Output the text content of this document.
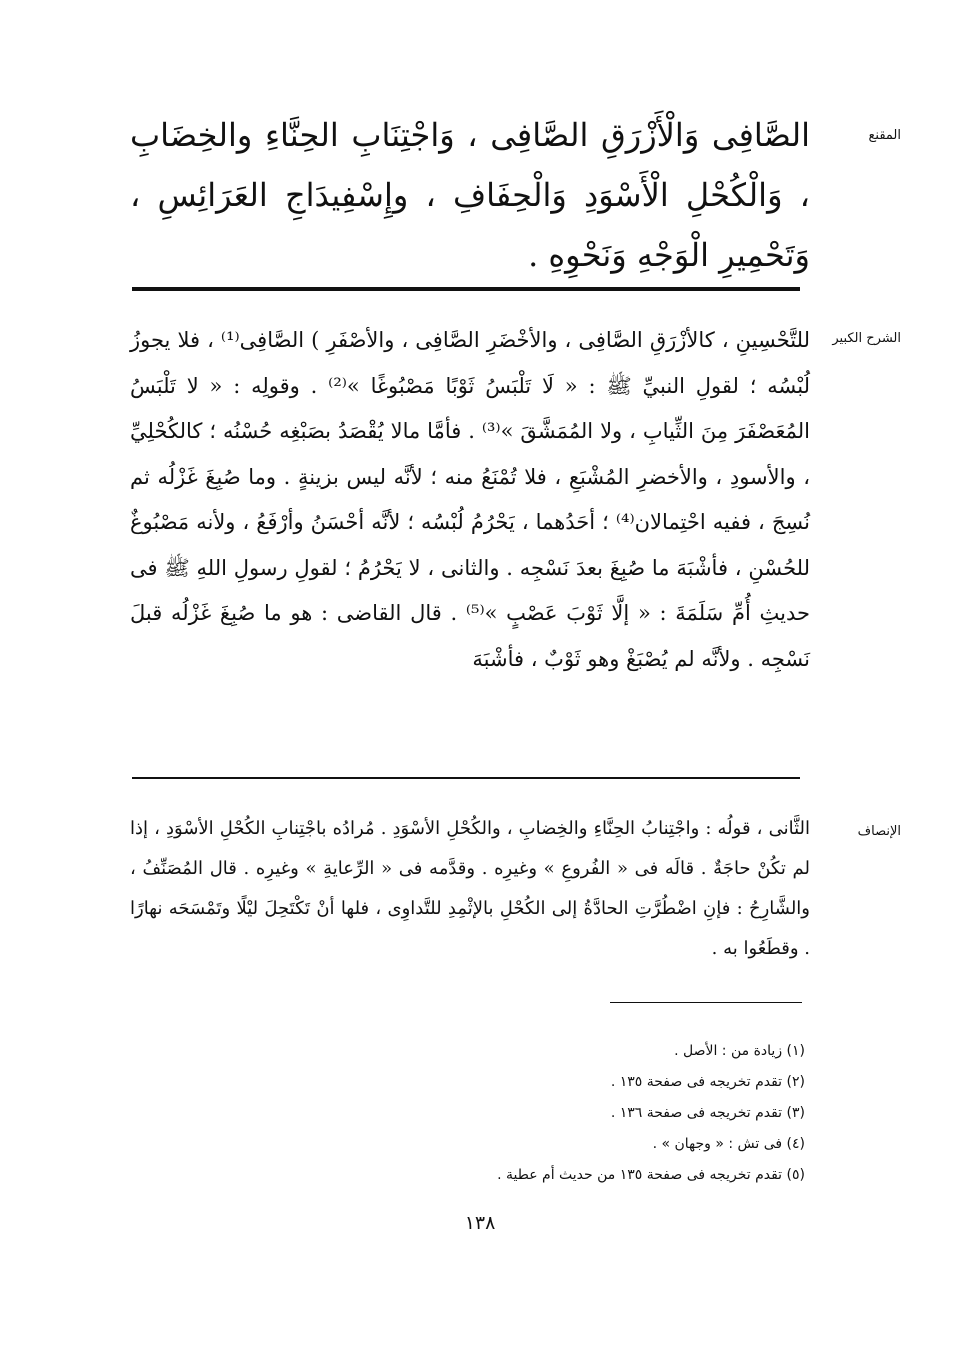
المقنع

الصَّافِى وَالْأَزْرَقِ الصَّافِى ، وَاجْتِنَابِ الحِنَّاءِ والخِضَابِ ، وَالْكُحْلِ الْأَسْوَدِ وَالْحِفَافِ ، وإِسْفِيدَاجِ العَرَائِسِ ، وَتَحْمِيرِ الْوَجْهِ وَنَحْوِهِ .

الشرح الكبير

للتَّحْسِينِ ، كالأزْرَقِ الصَّافِى ، والأخْضَرِ الصَّافِى ، والأصْفَرِ ) الصَّافِى⁽¹⁾ ، فلا يجوزُ لُبْسُه ؛ لقولِ النبيِّ ﷺ : « لَا تَلْبَسُ ثَوْبًا مَصْبُوغًا »⁽²⁾ . وقولِه : « لا تَلْبَسُ المُعَصْفَرَ مِنَ الثِّيابِ ، ولا المُمَشَّقَ »⁽³⁾ . فأمَّا مالا يُقْصَدُ بصَبْغِه حُسْنُه ؛ كالكُحْلِيِّ ، والأسودِ ، والأخضرِ المُشْبَعِ ، فلا تُمْنَعُ منه ؛ لأنَّه ليس بزينةٍ . وما صُبِغَ غَزْلُه ثم نُسِجَ ، ففيه احْتِمالان⁽⁴⁾ ؛ أحَدُهما ، يَحْرُمُ لُبْسُه ؛ لأنَّه أحْسَنُ وأرْفَعُ ، ولأنه مَصْبُوغٌ للحُسْنِ ، فأشْبَهَ ما صُبِغَ بعدَ نَسْجِه . والثانى ، لا يَحْرُمُ ؛ لقولِ رسولِ اللهِ ﷺ فى حديثِ أُمِّ سَلَمَةَ : « إلَّا ثَوْبَ عَصْبٍ »⁽⁵⁾ . قال القاضى : هو ما صُبِغَ غَزْلُه قبلَ نَسْجِه . ولأنَّه لم يُصْبَغْ وهو ثَوْبٌ ، فأشْبَهَ

الإنصاف

الثَّانى ، قولُه : واجْتِنابُ الحِنَّاءِ والخِضابِ ، والكُحْلِ الأسْوَدِ . مُرادُه باجْتِنابِ الكُحْلِ الأسْوَدِ ، إذا لم تكُنْ حاجَةٌ . قالَه فى « الفُروعِ » وغيرِه . وقدَّمه فى « الرِّعايةِ » وغيرِه . قال المُصَنِّفُ ، والشَّارِحُ : فإنِ اضْطُرَّتِ الحادَّةُ إلى الكُحْلِ بالإثْمِدِ للتَّداوِى ، فلها أنْ تَكْتَحِلَ ليْلًا وتَمْسَحَه نهارًا . وقطَعُوا به .

(١) زيادة من : الأصل .
(٢) تقدم تخريجه فى صفحة ١٣٥ .
(٣) تقدم تخريجه فى صفحة ١٣٦ .
(٤) فى تش : « وجهان » .
(٥) تقدم تخريجه فى صفحة ١٣٥ من حديث أم عطية .
١٣٨
